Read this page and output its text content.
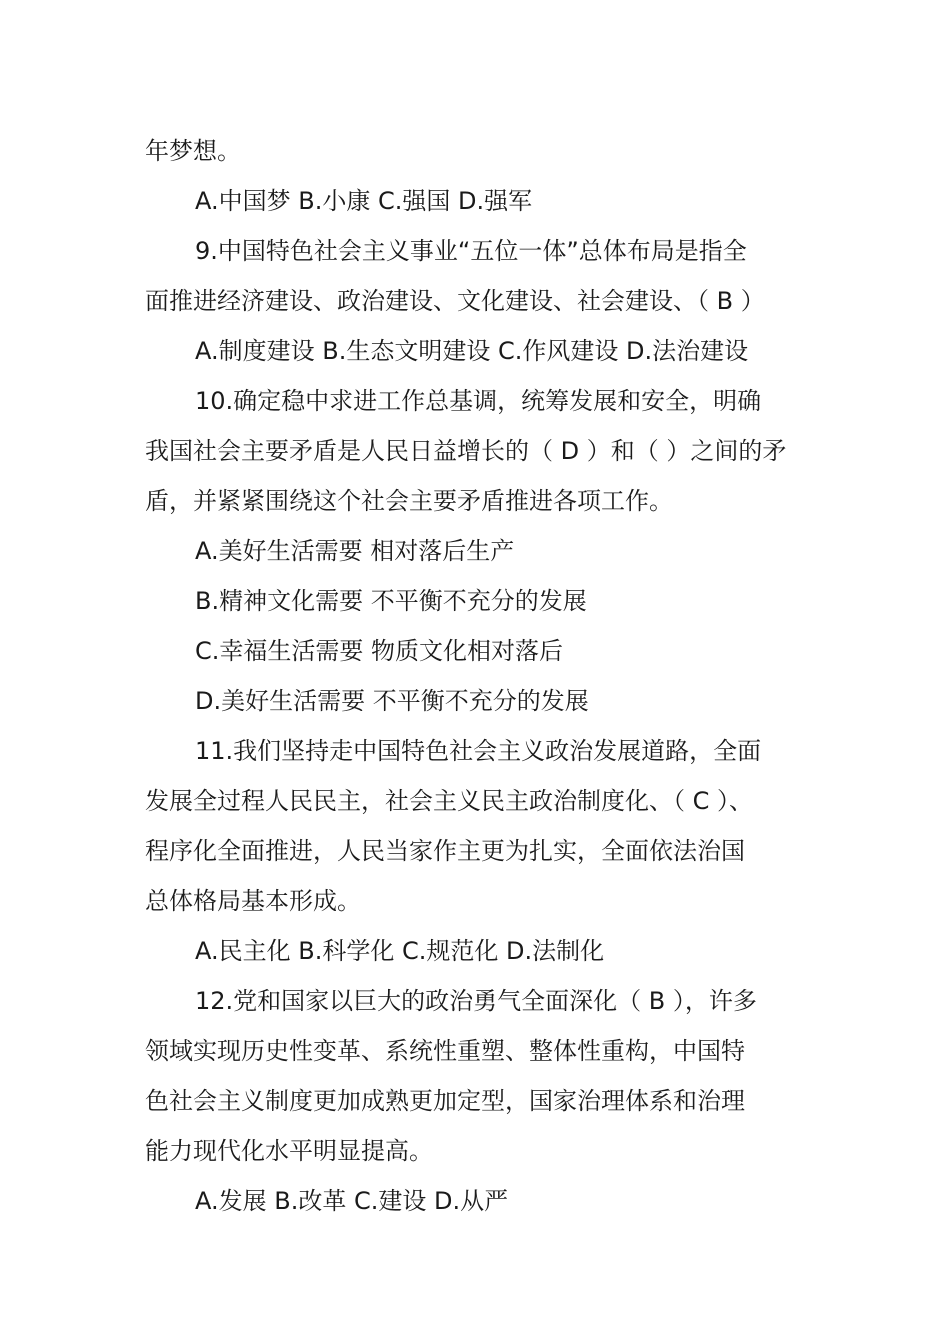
年梦想。
A.中国梦 B.小康 C.强国 D.强军
9.中国特色社会主义事业“五位一体”总体布局是指全
面推进经济建设、政治建设、文化建设、社会建设、（ B ）
A.制度建设 B.生态文明建设 C.作风建设 D.法治建设
10.确定稳中求进工作总基调，统筹发展和安全，明确
我国社会主要矛盾是人民日益增长的（ D ）和（ ）之间的矛
盾，并紧紧围绕这个社会主要矛盾推进各项工作。
A.美好生活需要 相对落后生产
B.精神文化需要 不平衡不充分的发展
C.幸福生活需要 物质文化相对落后
D.美好生活需要 不平衡不充分的发展
11.我们坚持走中国特色社会主义政治发展道路，全面
发展全过程人民民主，社会主义民主政治制度化、（ C ）、
程序化全面推进，人民当家作主更为扎实，全面依法治国
总体格局基本形成。
A.民主化 B.科学化 C.规范化 D.法制化
12.党和国家以巨大的政治勇气全面深化（ B ），许多
领域实现历史性变革、系统性重塑、整体性重构，中国特
色社会主义制度更加成熟更加定型，国家治理体系和治理
能力现代化水平明显提高。
A.发展 B.改革 C.建设 D.从严
